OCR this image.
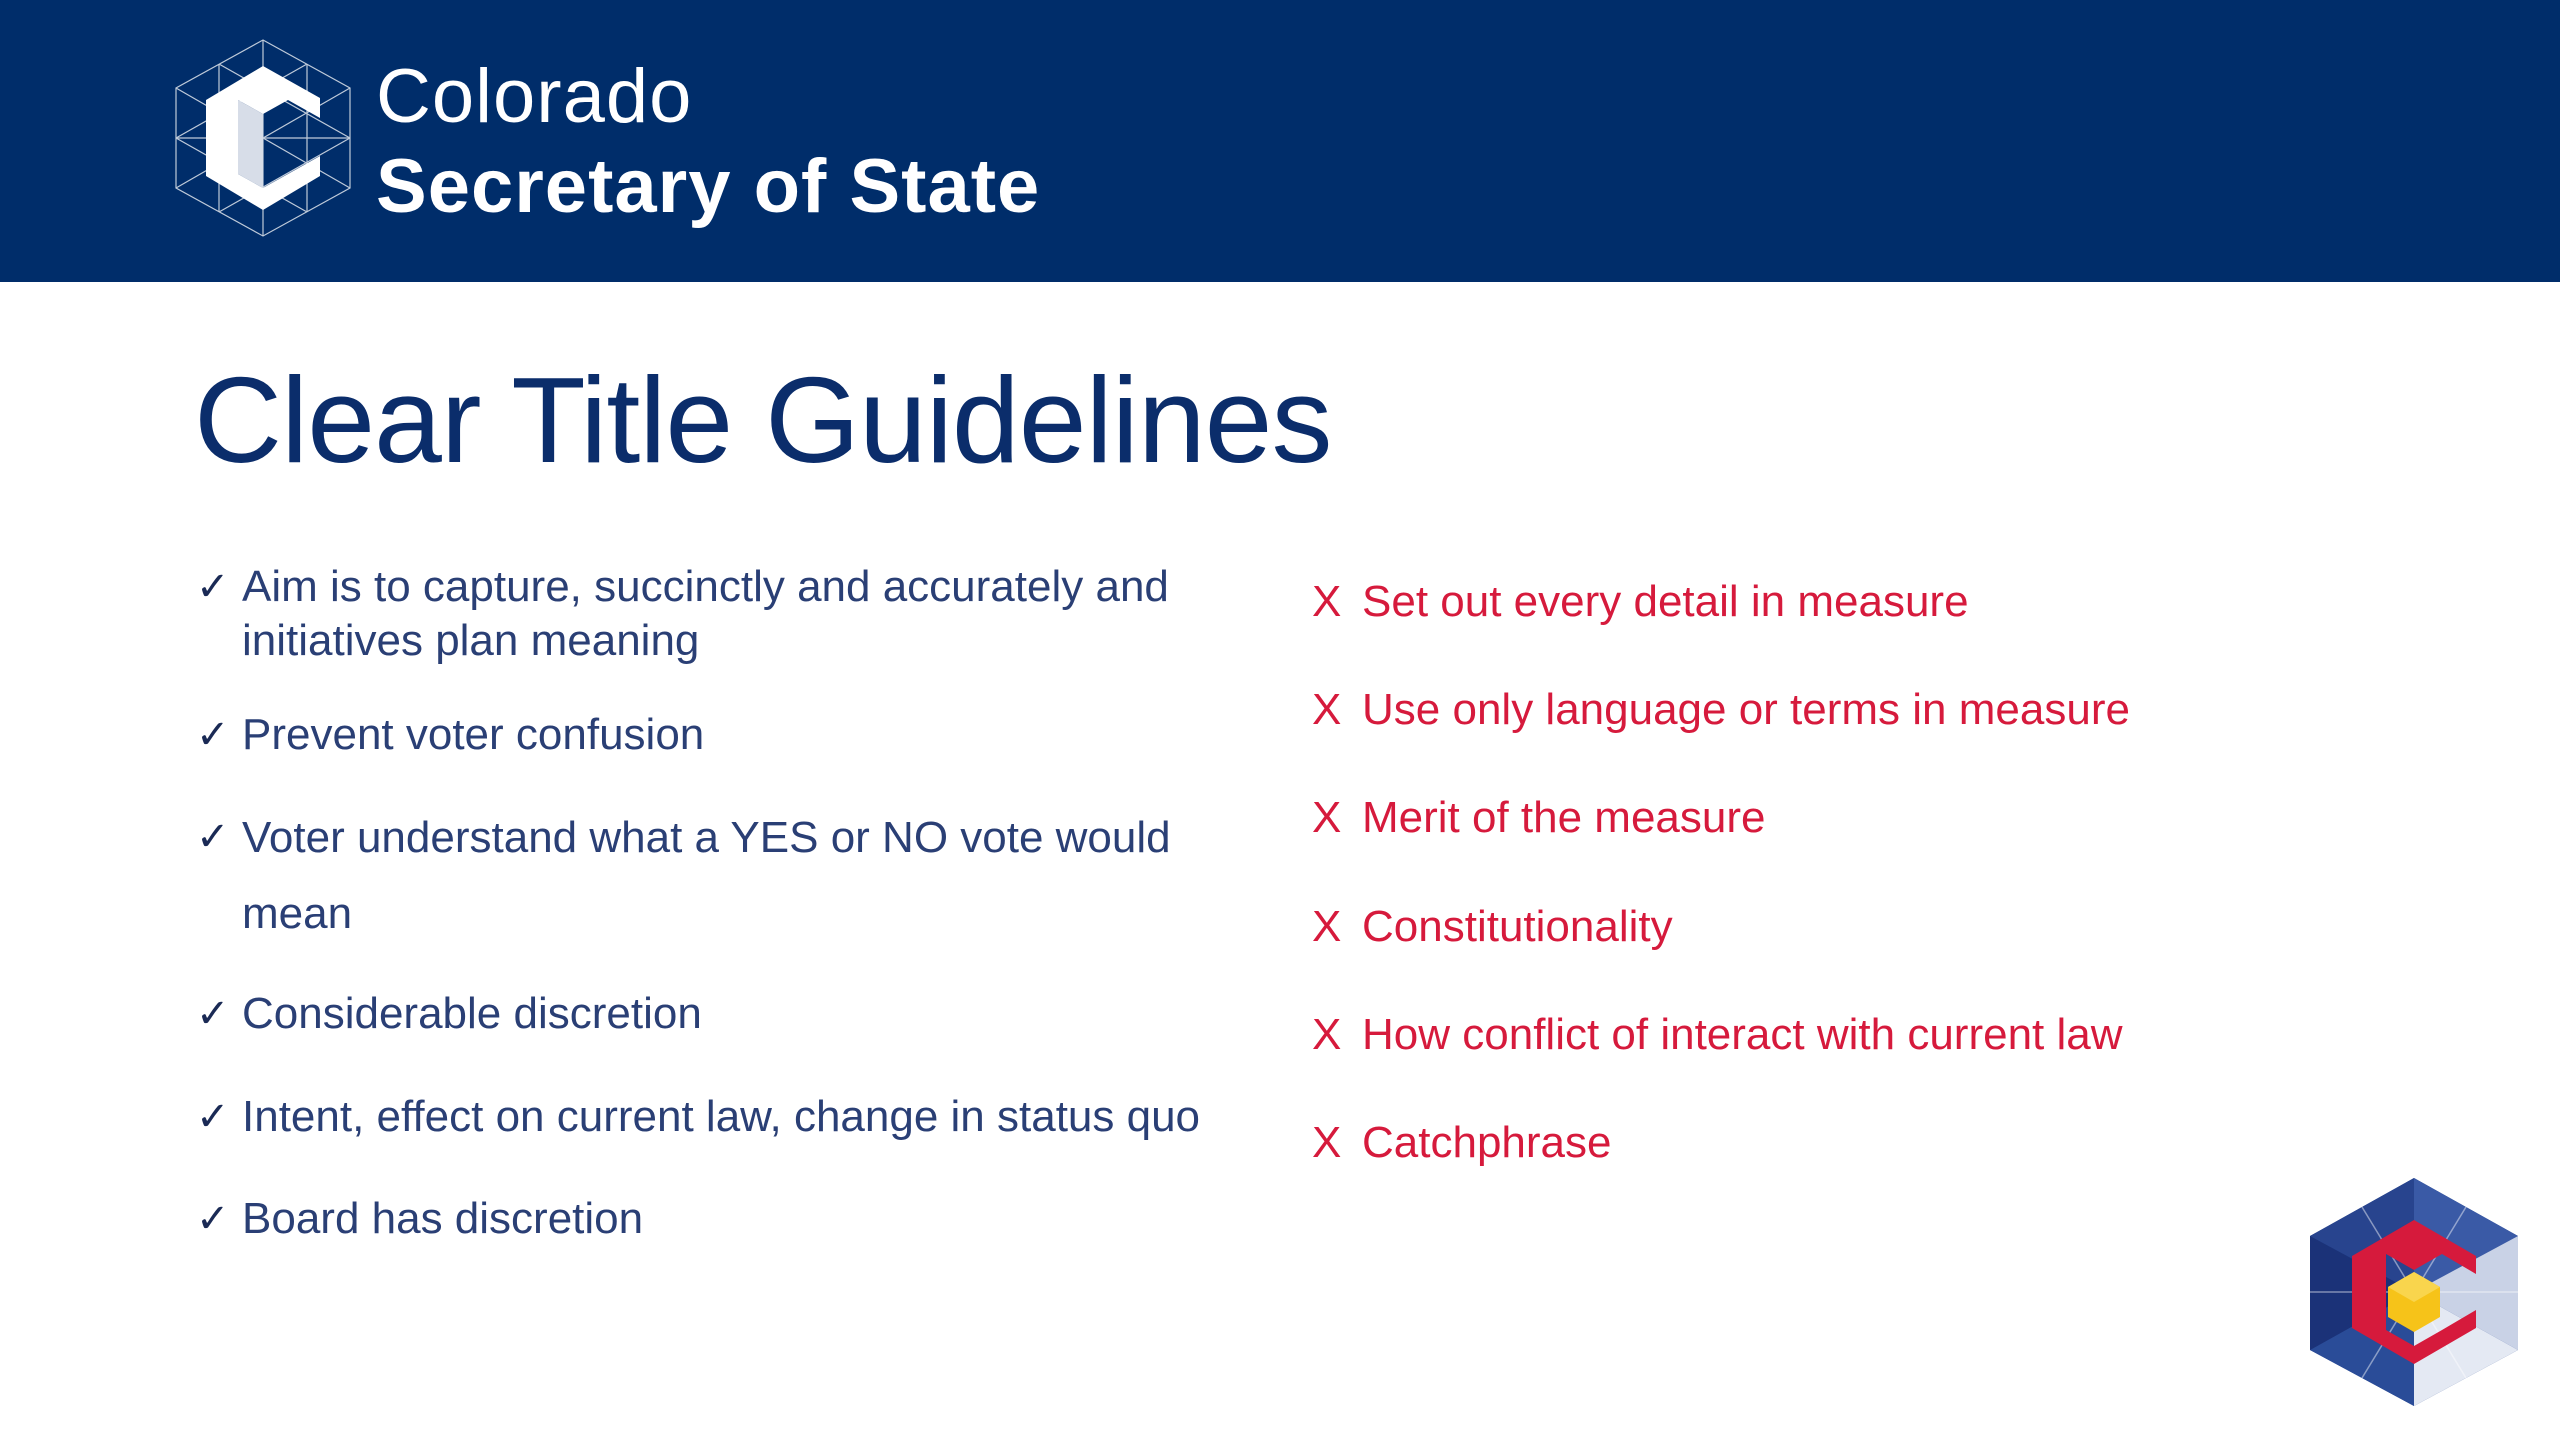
Colorado
Secretary of State
Clear Title Guidelines
✓ Aim is to capture, succinctly and accurately and initiatives plan meaning
✓ Prevent voter confusion
✓ Voter understand what a YES or NO vote would mean
✓ Considerable discretion
✓ Intent, effect on current law, change in status quo
✓ Board has discretion
X Set out every detail in measure
X Use only language or terms in measure
X Merit of the measure
X Constitutionality
X How conflict of interact with current law
X Catchphrase
